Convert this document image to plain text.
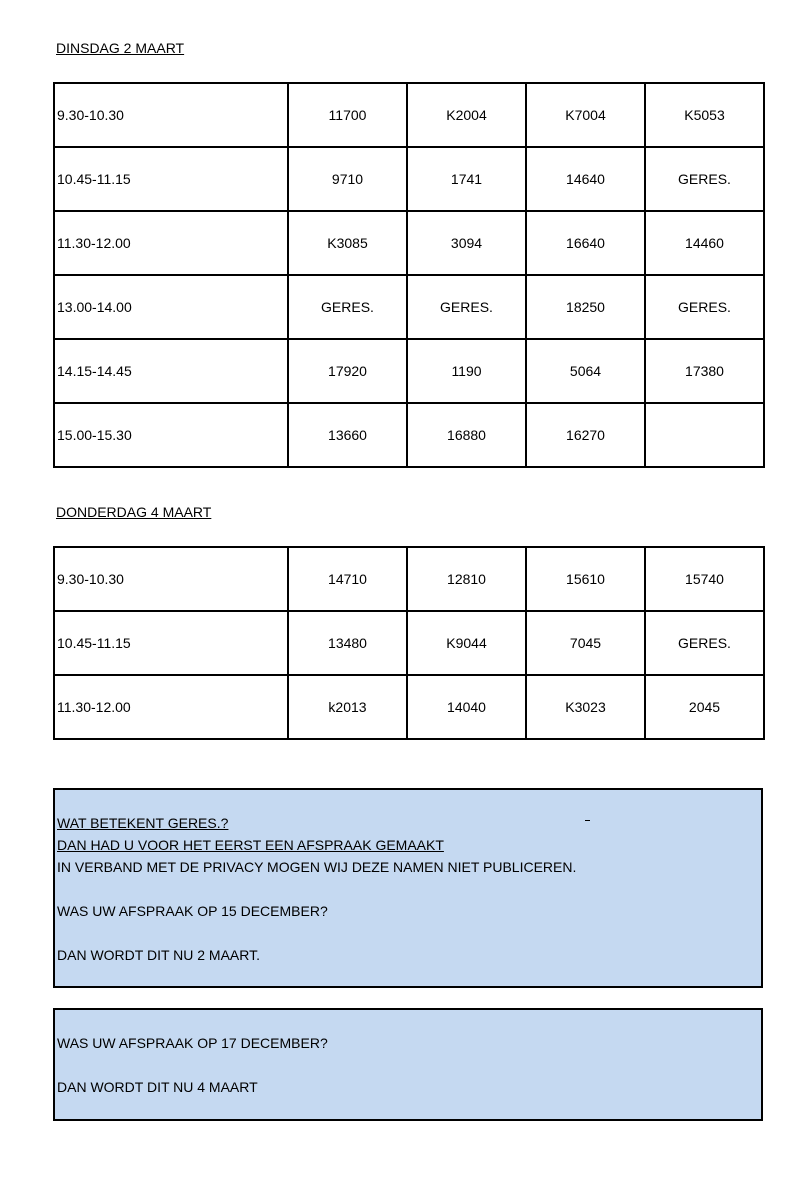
DINSDAG 2 MAART
9.30-10.30	11700	K2004	K7004	K5053
10.45-11.15	9710	1741	14640	GERES.
11.30-12.00	K3085	3094	16640	14460
13.00-14.00	GERES.	GERES.	18250	GERES.
14.15-14.45	17920	1190	5064	17380
15.00-15.30	13660	16880	16270	
DONDERDAG 4 MAART
9.30-10.30	14710	12810	15610	15740
10.45-11.15	13480	K9044	7045	GERES.
11.30-12.00	k2013	14040	K3023	2045
WAT BETEKENT GERES.?
DAN HAD U VOOR HET EERST EEN AFSPRAAK GEMAAKT
IN VERBAND MET DE PRIVACY MOGEN WIJ DEZE NAMEN NIET PUBLICEREN.
WAS UW AFSPRAAK OP 15 DECEMBER?
DAN WORDT DIT NU 2 MAART.
WAS UW AFSPRAAK OP 17 DECEMBER?
DAN WORDT DIT NU 4 MAART
